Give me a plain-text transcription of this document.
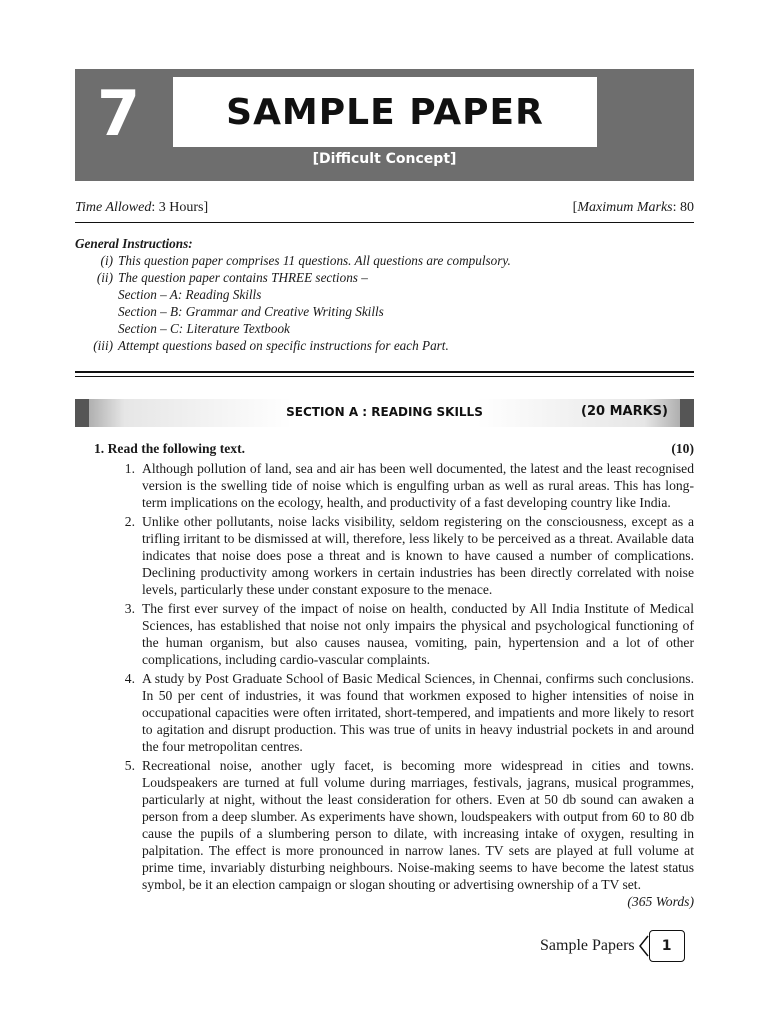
7 SAMPLE PAPER
[Difficult Concept]
Time Allowed: 3 Hours]	[Maximum Marks: 80
General Instructions:
(i) This question paper comprises 11 questions. All questions are compulsory.
(ii) The question paper contains THREE sections –
Section – A: Reading Skills
Section – B: Grammar and Creative Writing Skills
Section – C: Literature Textbook
(iii) Attempt questions based on specific instructions for each Part.
SECTION A : READING SKILLS	(20 MARKS)
1. Read the following text.	(10)
1. Although pollution of land, sea and air has been well documented, the latest and the least recognised version is the swelling tide of noise which is engulfing urban as well as rural areas. This has long-term implications on the ecology, health, and productivity of a fast developing country like India.
2. Unlike other pollutants, noise lacks visibility, seldom registering on the consciousness, except as a trifling irritant to be dismissed at will, therefore, less likely to be perceived as a threat. Available data indicates that noise does pose a threat and is known to have caused a number of complications. Declining productivity among workers in certain industries has been directly correlated with noise levels, particularly these under constant exposure to the menace.
3. The first ever survey of the impact of noise on health, conducted by All India Institute of Medical Sciences, has established that noise not only impairs the physical and psychological functioning of the human organism, but also causes nausea, vomiting, pain, hypertension and a lot of other complications, including cardio-vascular complaints.
4. A study by Post Graduate School of Basic Medical Sciences, in Chennai, confirms such conclusions. In 50 per cent of industries, it was found that workmen exposed to higher intensities of noise in occupational capacities were often irritated, short-tempered, and impatients and more likely to resort to agitation and disrupt production. This was true of units in heavy industrial pockets in and around the four metropolitan centres.
5. Recreational noise, another ugly facet, is becoming more widespread in cities and towns. Loudspeakers are turned at full volume during marriages, festivals, jagrans, musical programmes, particularly at night, without the least consideration for others. Even at 50 db sound can awaken a person from a deep slumber. As experiments have shown, loudspeakers with output from 60 to 80 db cause the pupils of a slumbering person to dilate, with increasing intake of oxygen, resulting in palpitation. The effect is more pronounced in narrow lanes. TV sets are played at full volume at prime time, invariably disturbing neighbours. Noise-making seems to have become the latest status symbol, be it an election campaign or slogan shouting or advertising ownership of a TV set.
(365 Words)
Sample Papers	1
